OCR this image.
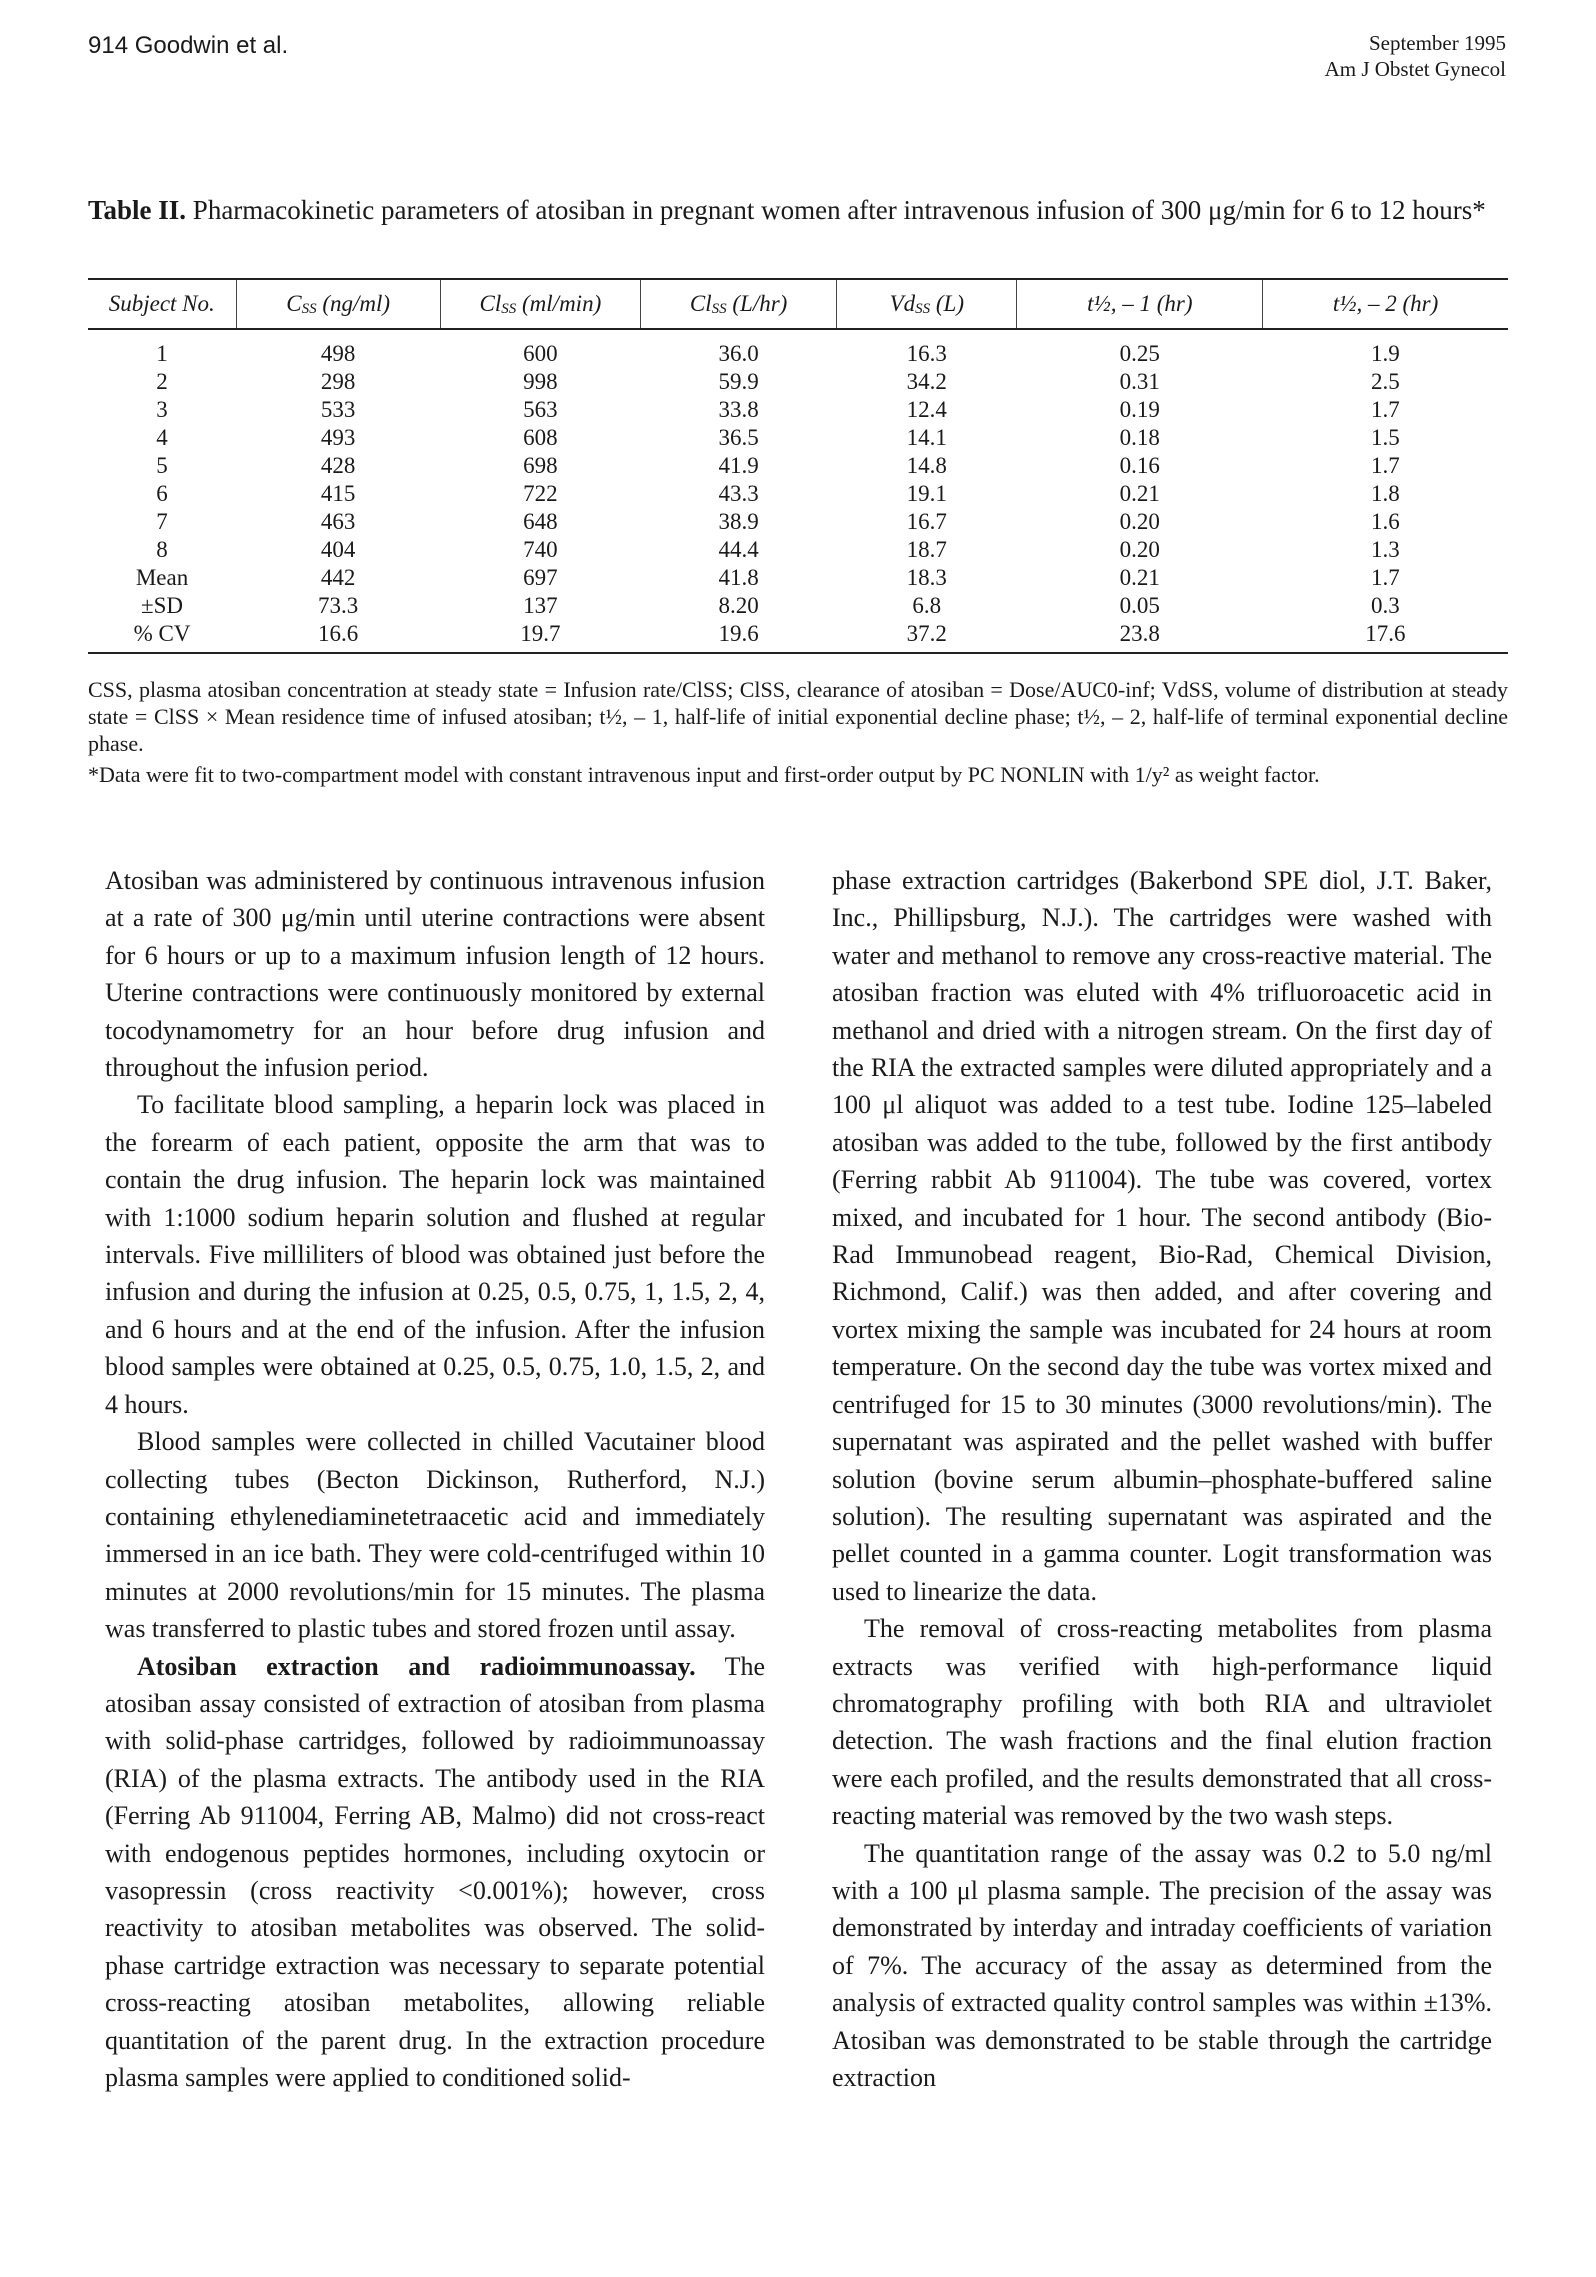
914 Goodwin et al.	September 1995
Am J Obstet Gynecol
Table II. Pharmacokinetic parameters of atosiban in pregnant women after intravenous infusion of 300 μg/min for 6 to 12 hours*
Subject No.	CSS (ng/ml)	ClSS (ml/min)	ClSS (L/hr)	VdSS (L)	t½, – 1 (hr)	t½, – 2 (hr)
1	498	600	36.0	16.3	0.25	1.9
2	298	998	59.9	34.2	0.31	2.5
3	533	563	33.8	12.4	0.19	1.7
4	493	608	36.5	14.1	0.18	1.5
5	428	698	41.9	14.8	0.16	1.7
6	415	722	43.3	19.1	0.21	1.8
7	463	648	38.9	16.7	0.20	1.6
8	404	740	44.4	18.7	0.20	1.3
Mean	442	697	41.8	18.3	0.21	1.7
±SD	73.3	137	8.20	6.8	0.05	0.3
% CV	16.6	19.7	19.6	37.2	23.8	17.6

CSS, plasma atosiban concentration at steady state = Infusion rate/ClSS; ClSS, clearance of atosiban = Dose/AUC0-inf; VdSS, volume of distribution at steady state = ClSS × Mean residence time of infused atosiban; t½, – 1, half-life of initial exponential decline phase; t½, – 2, half-life of terminal exponential decline phase.

*Data were fit to two-compartment model with constant intravenous input and first-order output by PC NONLIN with 1/y² as weight factor.

Atosiban was administered by continuous intravenous infusion at a rate of 300 μg/min until uterine contractions were absent for 6 hours or up to a maximum infusion length of 12 hours. Uterine contractions were continuously monitored by external tocodynamometry for an hour before drug infusion and throughout the infusion period.

To facilitate blood sampling, a heparin lock was placed in the forearm of each patient, opposite the arm that was to contain the drug infusion. The heparin lock was maintained with 1:1000 sodium heparin solution and flushed at regular intervals. Five milliliters of blood was obtained just before the infusion and during the infusion at 0.25, 0.5, 0.75, 1, 1.5, 2, 4, and 6 hours and at the end of the infusion. After the infusion blood samples were obtained at 0.25, 0.5, 0.75, 1.0, 1.5, 2, and 4 hours.

Blood samples were collected in chilled Vacutainer blood collecting tubes (Becton Dickinson, Rutherford, N.J.) containing ethylenediaminetetraacetic acid and immediately immersed in an ice bath. They were cold-centrifuged within 10 minutes at 2000 revolutions/min for 15 minutes. The plasma was transferred to plastic tubes and stored frozen until assay.

Atosiban extraction and radioimmunoassay. The atosiban assay consisted of extraction of atosiban from plasma with solid-phase cartridges, followed by radioimmunoassay (RIA) of the plasma extracts. The antibody used in the RIA (Ferring Ab 911004, Ferring AB, Malmo) did not cross-react with endogenous peptides hormones, including oxytocin or vasopressin (cross reactivity <0.001%); however, cross reactivity to atosiban metabolites was observed. The solid-phase cartridge extraction was necessary to separate potential cross-reacting atosiban metabolites, allowing reliable quantitation of the parent drug. In the extraction procedure plasma samples were applied to conditioned solid-

phase extraction cartridges (Bakerbond SPE diol, J.T. Baker, Inc., Phillipsburg, N.J.). The cartridges were washed with water and methanol to remove any cross-reactive material. The atosiban fraction was eluted with 4% trifluoroacetic acid in methanol and dried with a nitrogen stream. On the first day of the RIA the extracted samples were diluted appropriately and a 100 μl aliquot was added to a test tube. Iodine 125–labeled atosiban was added to the tube, followed by the first antibody (Ferring rabbit Ab 911004). The tube was covered, vortex mixed, and incubated for 1 hour. The second antibody (Bio-Rad Immunobead reagent, Bio-Rad, Chemical Division, Richmond, Calif.) was then added, and after covering and vortex mixing the sample was incubated for 24 hours at room temperature. On the second day the tube was vortex mixed and centrifuged for 15 to 30 minutes (3000 revolutions/min). The supernatant was aspirated and the pellet washed with buffer solution (bovine serum albumin–phosphate-buffered saline solution). The resulting supernatant was aspirated and the pellet counted in a gamma counter. Logit transformation was used to linearize the data.

The removal of cross-reacting metabolites from plasma extracts was verified with high-performance liquid chromatography profiling with both RIA and ultraviolet detection. The wash fractions and the final elution fraction were each profiled, and the results demonstrated that all cross-reacting material was removed by the two wash steps.

The quantitation range of the assay was 0.2 to 5.0 ng/ml with a 100 μl plasma sample. The precision of the assay was demonstrated by interday and intraday coefficients of variation of 7%. The accuracy of the assay as determined from the analysis of extracted quality control samples was within ±13%. Atosiban was demonstrated to be stable through the cartridge extraction
